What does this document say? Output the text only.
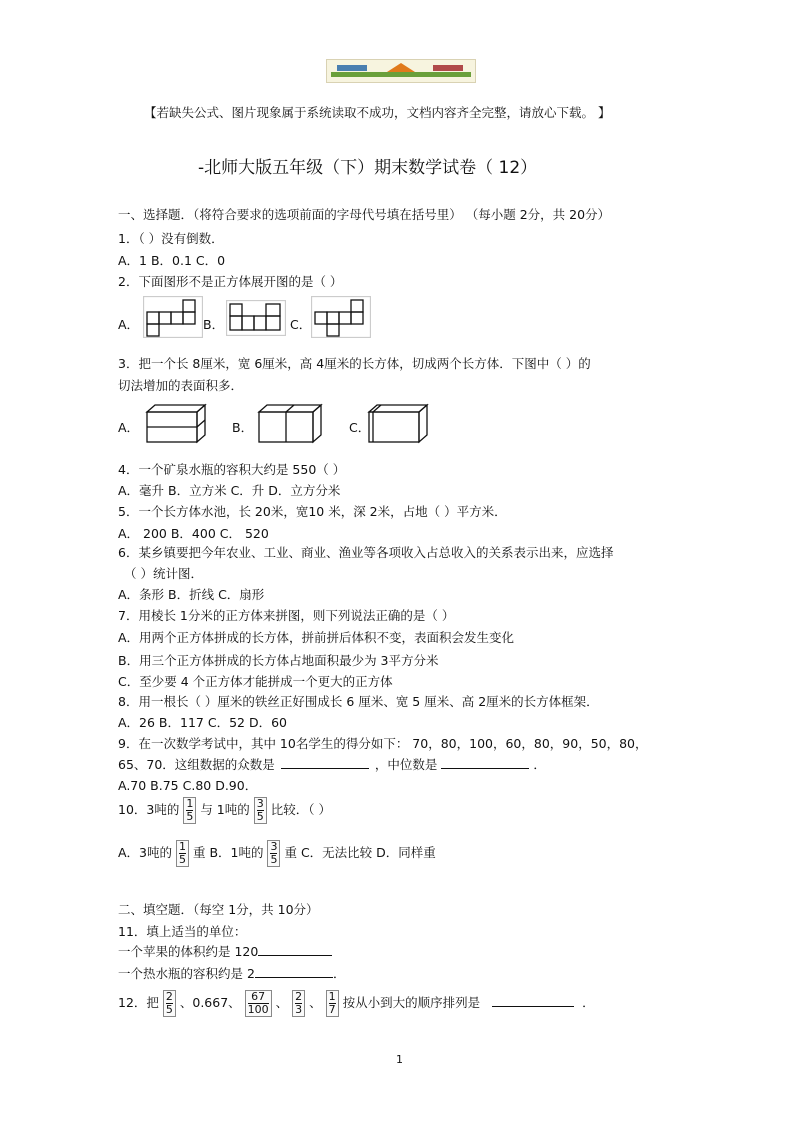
【若缺失公式、图片现象属于系统读取不成功，文档内容齐全完整，请放心下载。 】
-北师大版五年级（下）期末数学试卷（ 12）
一、选择题．（将符合要求的选项前面的字母代号填在括号里） （每小题 2分，共 20分）
1．（ ）没有倒数．
A．1 B．0.1 C．0
2．下面图形不是正方体展开图的是（ ）
A．	B．	C．
3．把一个长 8厘米，宽 6厘米，高 4厘米的长方体，切成两个长方体．下图中（ ）的
切法增加的表面积多．
A．	B．	C．
4．一个矿泉水瓶的容积大约是 550（ ）
A．毫升 B．立方米 C．升 D．立方分米
5．一个长方体水池，长 20米，宽10 米，深 2米，占地（ ）平方米．
A． 200 B．400 C． 520
6．某乡镇要把今年农业、工业、商业、渔业等各项收入占总收入的关系表示出来，应选择
（ ）统计图．
A．条形 B．折线 C．扇形
7．用棱长 1分米的正方体来拼图，则下列说法正确的是（ ）
A．用两个正方体拼成的长方体，拼前拼后体积不变，表面积会发生变化
B．用三个正方体拼成的长方体占地面积最少为 3平方分米
C．至少要 4 个正方体才能拼成一个更大的正方体
8．用一根长（ ）厘米的铁丝正好围成长 6 厘米、宽 5 厘米、高 2厘米的长方体框架．
A．26 B．117 C．52 D．60
9．在一次数学考试中，其中 10名学生的得分如下： 70，80，100，60，80，90，50，80，
65、70．这组数据的众数是	，中位数是	．
A.70 B.75 C.80 D.90．
10．3吨的 $\frac{1}{5}$ 与 1吨的 $\frac{3}{5}$ 比较．（ ）
A．3吨的 $\frac{1}{5}$ 重 B．1吨的 $\frac{3}{5}$ 重 C．无法比较 D．同样重
二、填空题．（每空 1分，共 10分）
11．填上适当的单位：
一个苹果的体积约是 120
一个热水瓶的容积约是 2	．
12．把 $\frac{2}{5}$ 、0.667、 $\frac{67}{100}$ 、 $\frac{2}{3}$ 、 $\frac{1}{7}$ 按从小到大的顺序排列是	．
1
